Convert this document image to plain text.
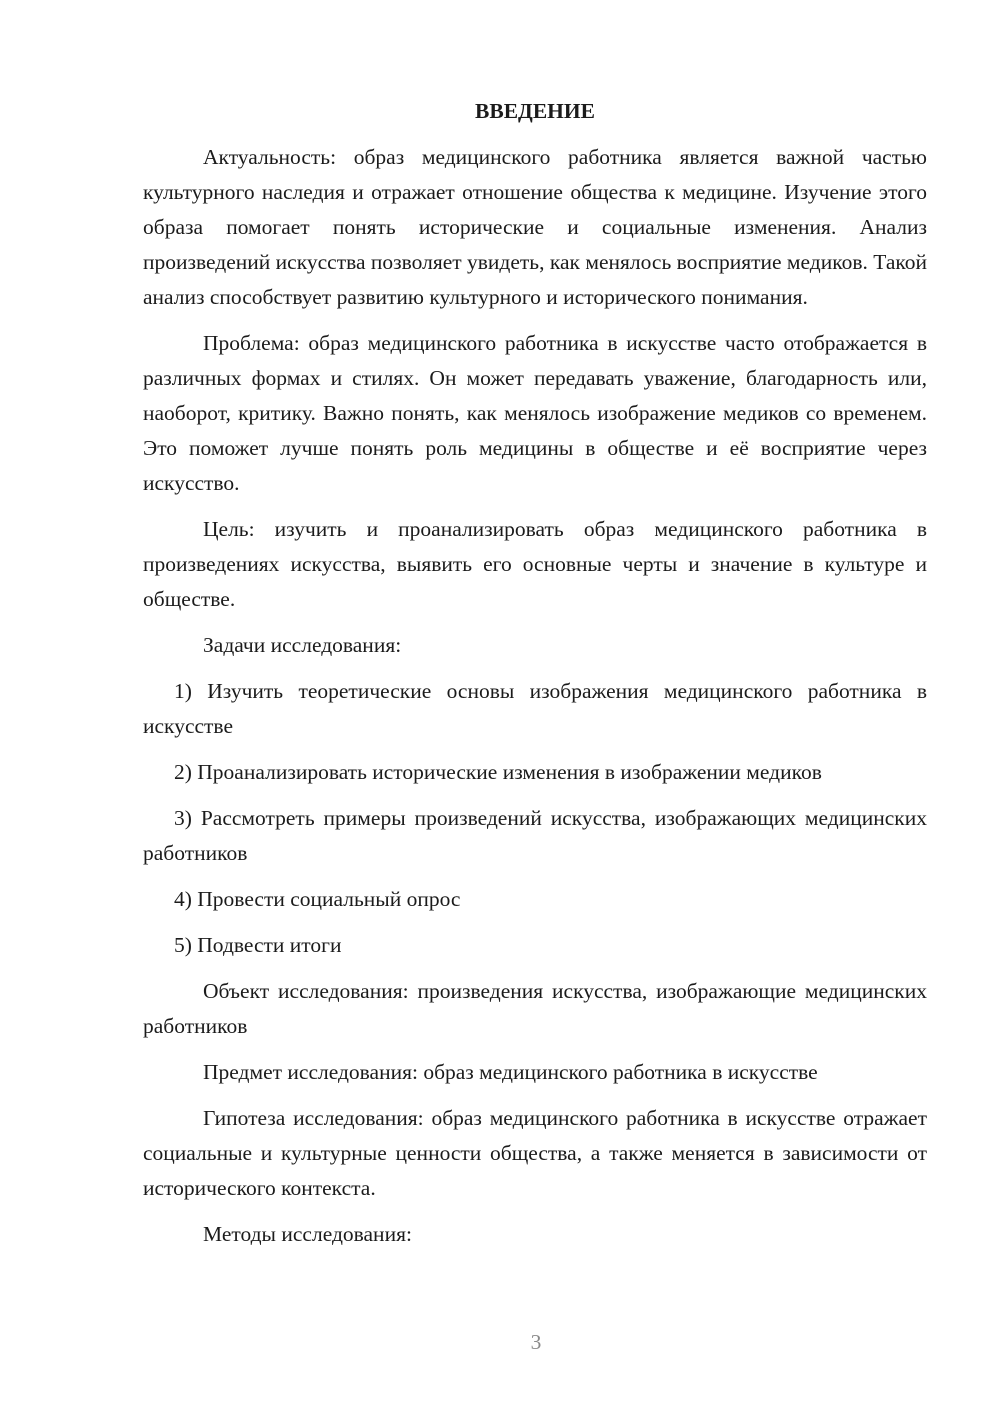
ВВЕДЕНИЕ

Актуальность: образ медицинского работника является важной частью культурного наследия и отражает отношение общества к медицине. Изучение этого образа помогает понять исторические и социальные изменения. Анализ произведений искусства позволяет увидеть, как менялось восприятие медиков. Такой анализ способствует развитию культурного и исторического понимания.

Проблема: образ медицинского работника в искусстве часто отображается в различных формах и стилях. Он может передавать уважение, благодарность или, наоборот, критику. Важно понять, как менялось изображение медиков со временем. Это поможет лучше понять роль медицины в обществе и её восприятие через искусство.

Цель: изучить и проанализировать образ медицинского работника в произведениях искусства, выявить его основные черты и значение в культуре и обществе.

Задачи исследования:

1) Изучить теоретические основы изображения медицинского работника в искусстве

2) Проанализировать исторические изменения в изображении медиков

3) Рассмотреть примеры произведений искусства, изображающих медицинских работников

4) Провести социальный опрос

5) Подвести итоги

Объект исследования: произведения искусства, изображающие медицинских работников

Предмет исследования: образ медицинского работника в искусстве

Гипотеза исследования: образ медицинского работника в искусстве отражает социальные и культурные ценности общества, а также меняется в зависимости от исторического контекста.

Методы исследования:

3
